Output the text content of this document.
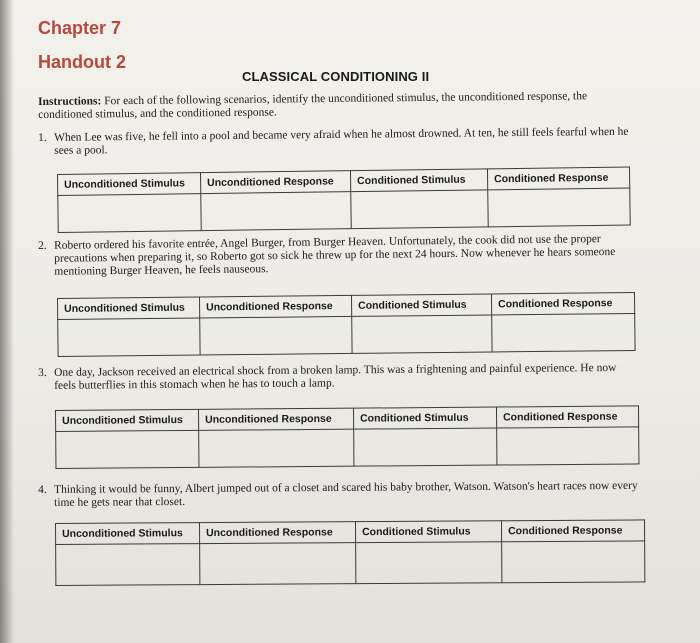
Chapter 7
Handout 2
CLASSICAL CONDITIONING II
Instructions: For each of the following scenarios, identify the unconditioned stimulus, the unconditioned response, the conditioned stimulus, and the conditioned response.
1. When Lee was five, he fell into a pool and became very afraid when he almost drowned. At ten, he still feels fearful when he sees a pool.
Unconditioned Stimulus	Unconditioned Response	Conditioned Stimulus	Conditioned Response

2. Roberto ordered his favorite entrée, Angel Burger, from Burger Heaven. Unfortunately, the cook did not use the proper precautions when preparing it, so Roberto got so sick he threw up for the next 24 hours. Now whenever he hears someone mentioning Burger Heaven, he feels nauseous.
Unconditioned Stimulus	Unconditioned Response	Conditioned Stimulus	Conditioned Response

3. One day, Jackson received an electrical shock from a broken lamp. This was a frightening and painful experience. He now feels butterflies in this stomach when he has to touch a lamp.
Unconditioned Stimulus	Unconditioned Response	Conditioned Stimulus	Conditioned Response

4. Thinking it would be funny, Albert jumped out of a closet and scared his baby brother, Watson. Watson's heart races now every time he gets near that closet.
Unconditioned Stimulus	Unconditioned Response	Conditioned Stimulus	Conditioned Response
